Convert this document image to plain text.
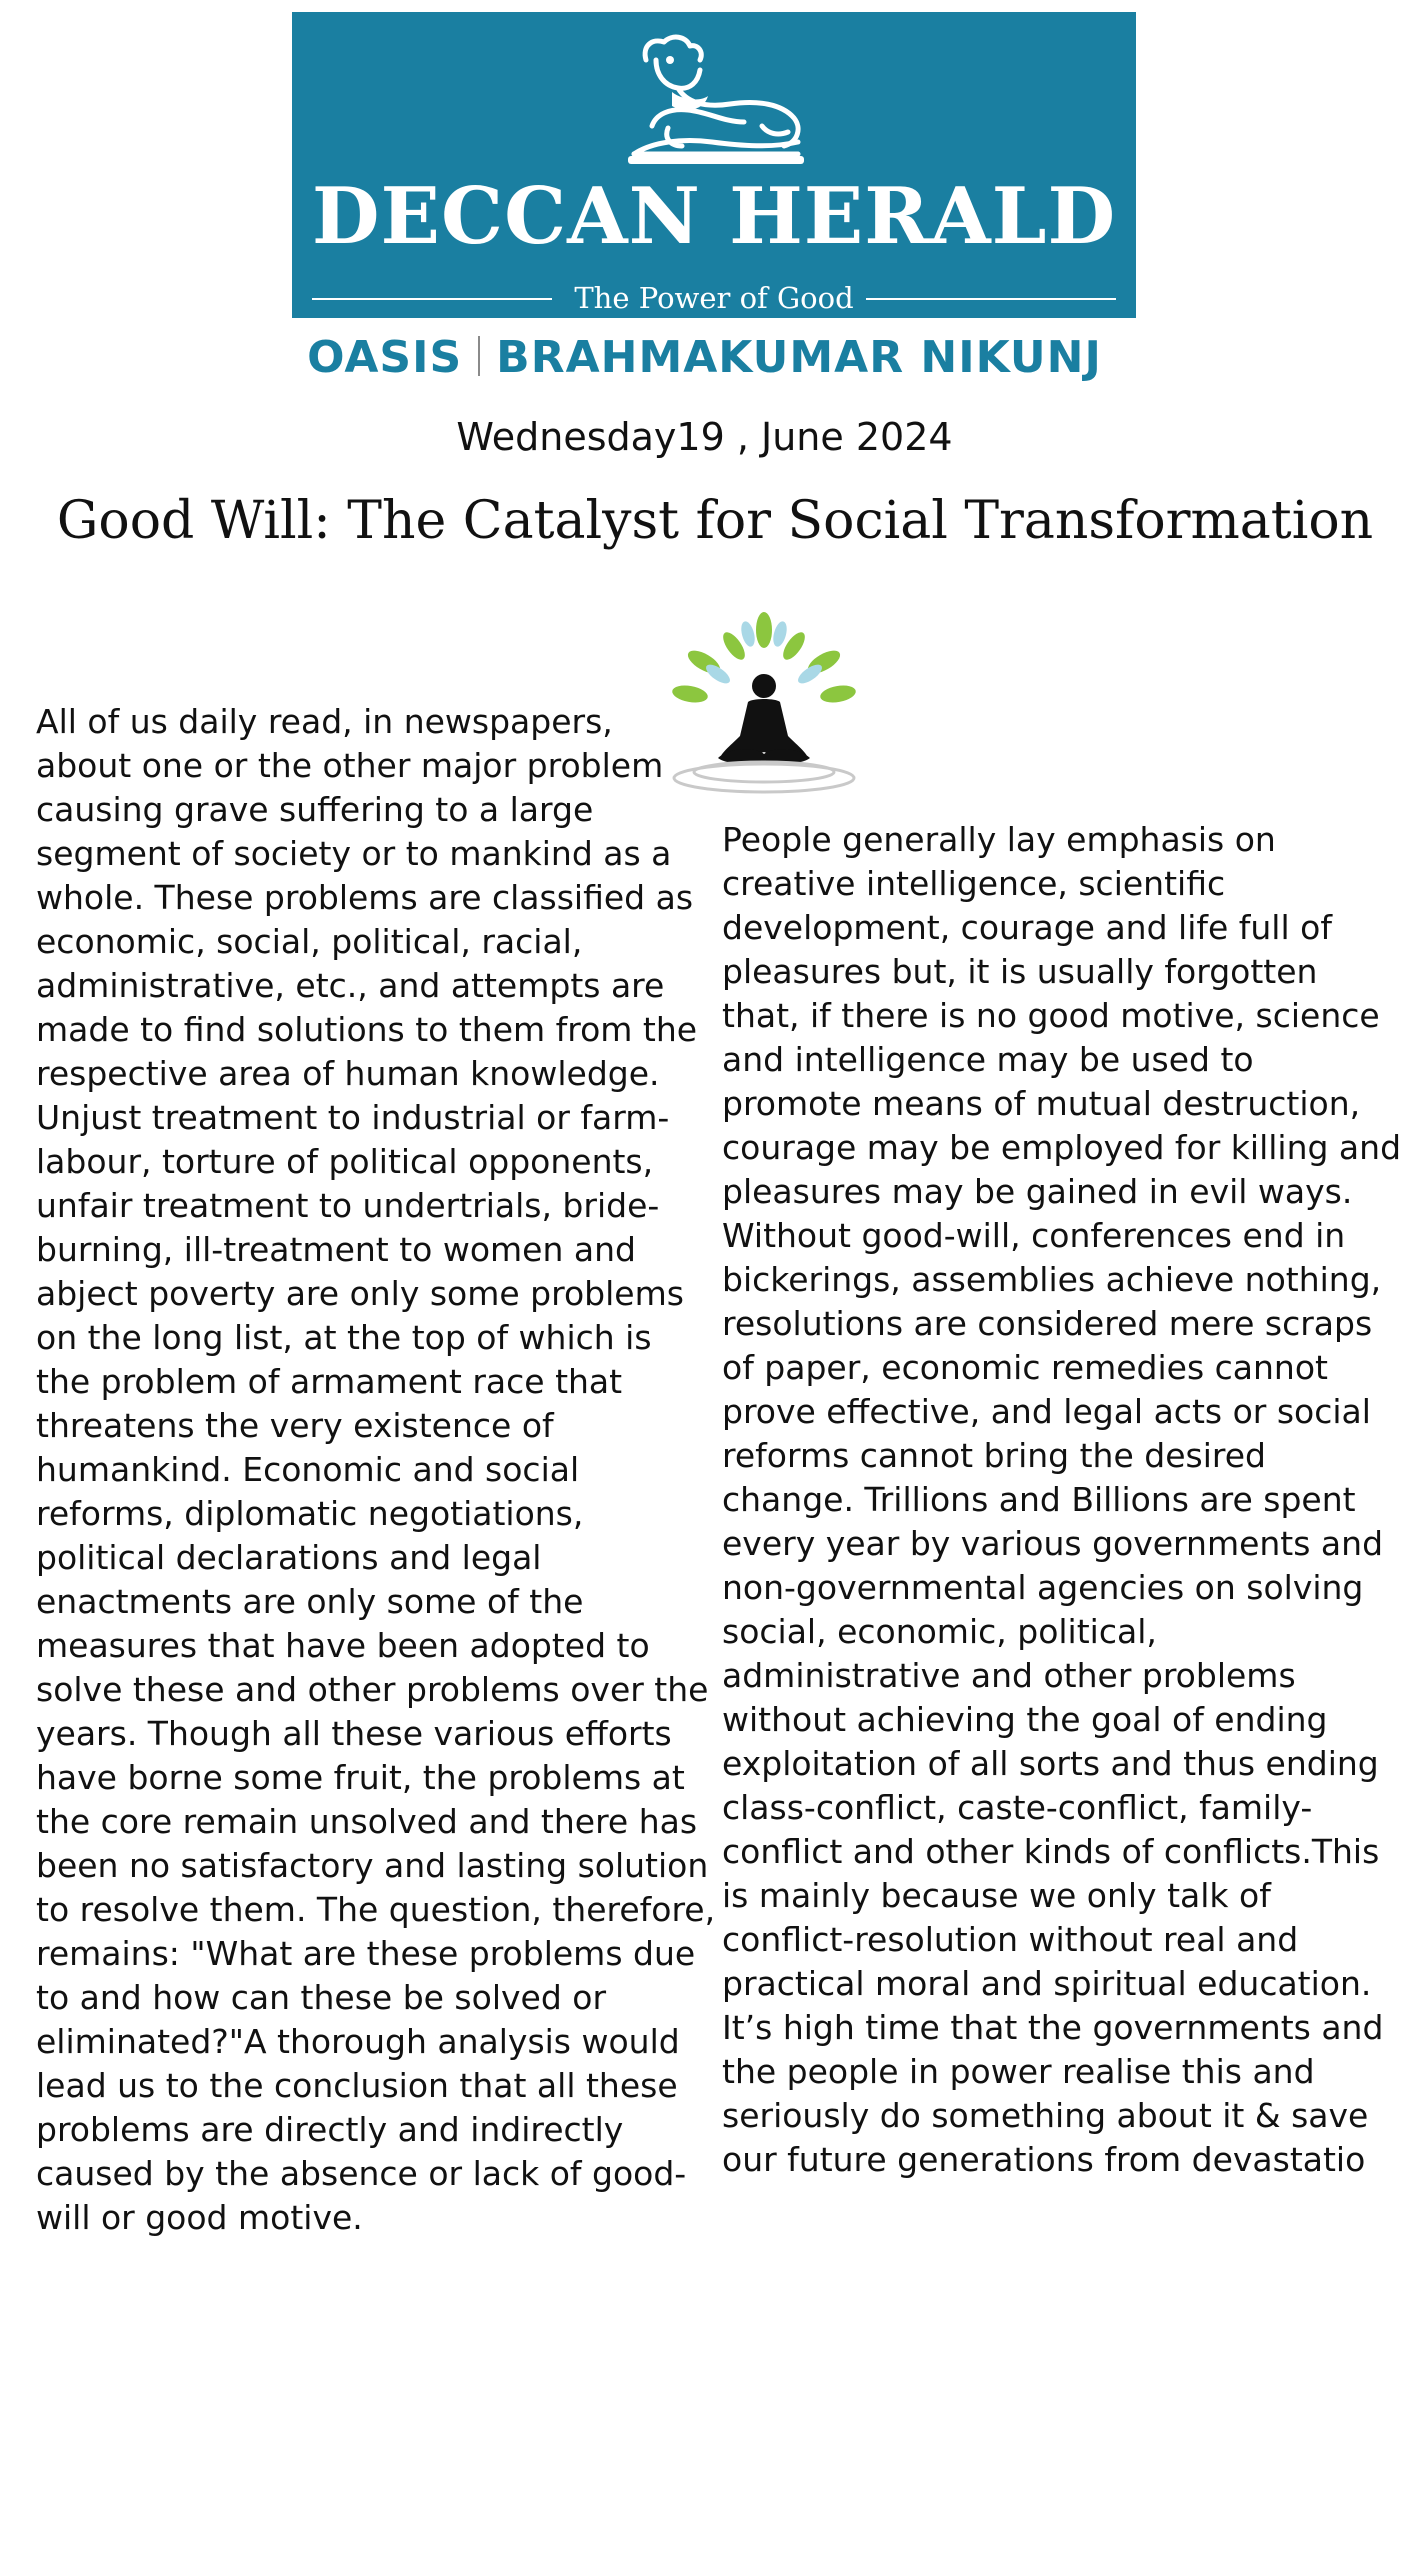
DECCAN HERALD
The Power of Good
OASIS BRAHMAKUMAR NIKUNJ
Wednesday19 , June 2024
Good Will: The Catalyst for Social Transformation

All of us daily read, in newspapers, about one or the other major problem causing grave suffering to a large segment of society or to mankind as a whole. These problems are classified as economic, social, political, racial, administrative, etc., and attempts are made to find solutions to them from the respective area of human knowledge. Unjust treatment to industrial or farm-labour, torture of political opponents, unfair treatment to undertrials, bride-burning, ill-treatment to women and abject poverty are only some problems on the long list, at the top of which is the problem of armament race that threatens the very existence of humankind. Economic and social reforms, diplomatic negotiations, political declarations and legal enactments are only some of the measures that have been adopted to solve these and other problems over the years. Though all these various efforts have borne some fruit, the problems at the core remain unsolved and there has been no satisfactory and lasting solution to resolve them. The question, therefore, remains: "What are these problems due to and how can these be solved or eliminated?"A thorough analysis would lead us to the conclusion that all these problems are directly and indirectly caused by the absence or lack of good-will or good motive.

People generally lay emphasis on creative intelligence, scientific development, courage and life full of pleasures but, it is usually forgotten that, if there is no good motive, science and intelligence may be used to promote means of mutual destruction, courage may be employed for killing and pleasures may be gained in evil ways. Without good-will, conferences end in bickerings, assemblies achieve nothing, resolutions are considered mere scraps of paper, economic remedies cannot prove effective, and legal acts or social reforms cannot bring the desired change. Trillions and Billions are spent every year by various governments and non-governmental agencies on solving social, economic, political, administrative and other problems without achieving the goal of ending exploitation of all sorts and thus ending class-conflict, caste-conflict, family-conflict and other kinds of conflicts.This is mainly because we only talk of conflict-resolution without real and practical moral and spiritual education. It’s high time that the governments and the people in power realise this and seriously do something about it & save our future generations from devastatio
